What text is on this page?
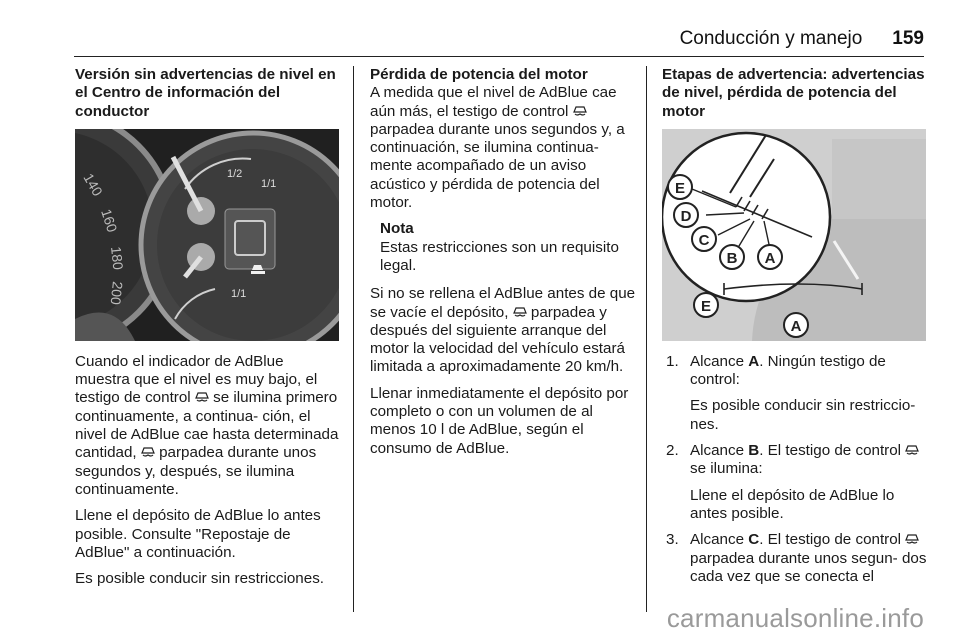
Conducción y manejo 159
Versión sin advertencias de nivel en el Centro de información del conductor
140
160
180
200
1/2
1/1
1/1

Cuando el indicador de AdBlue muestra que el nivel es muy bajo, el testigo de control  se ilumina primero continuamente, a continua- ción, el nivel de AdBlue cae hasta determinada cantidad,  parpadea durante unos segundos y, después, se ilumina continuamente.

Llene el depósito de AdBlue lo antes posible. Consulte "Repostaje de AdBlue" a continuación.

Es posible conducir sin restricciones.

Pérdida de potencia del motor

A medida que el nivel de AdBlue cae aún más, el testigo de control  parpadea durante unos segundos y, a continuación, se ilumina continua- mente acompañado de un aviso acústico y pérdida de potencia del motor.

Nota
Estas restricciones son un requisito legal.

Si no se rellena el AdBlue antes de que se vacíe el depósito,  parpadea y después del siguiente arranque del motor la velocidad del vehículo estará limitada a aproximadamente 20 km/h.

Llenar inmediatamente el depósito por completo o con un volumen de al menos 10 l de AdBlue, según el consumo de AdBlue.

Etapas de advertencia: advertencias de nivel, pérdida de potencia del motor
E
D
C
B A
E
A
1. Alcance A. Ningún testigo de control:
Es posible conducir sin restriccio- nes.
2. Alcance B. El testigo de control  se ilumina:
Llene el depósito de AdBlue lo antes posible.
3. Alcance C. El testigo de control  parpadea durante unos segun- dos cada vez que se conecta el
carmanualsonline.info
